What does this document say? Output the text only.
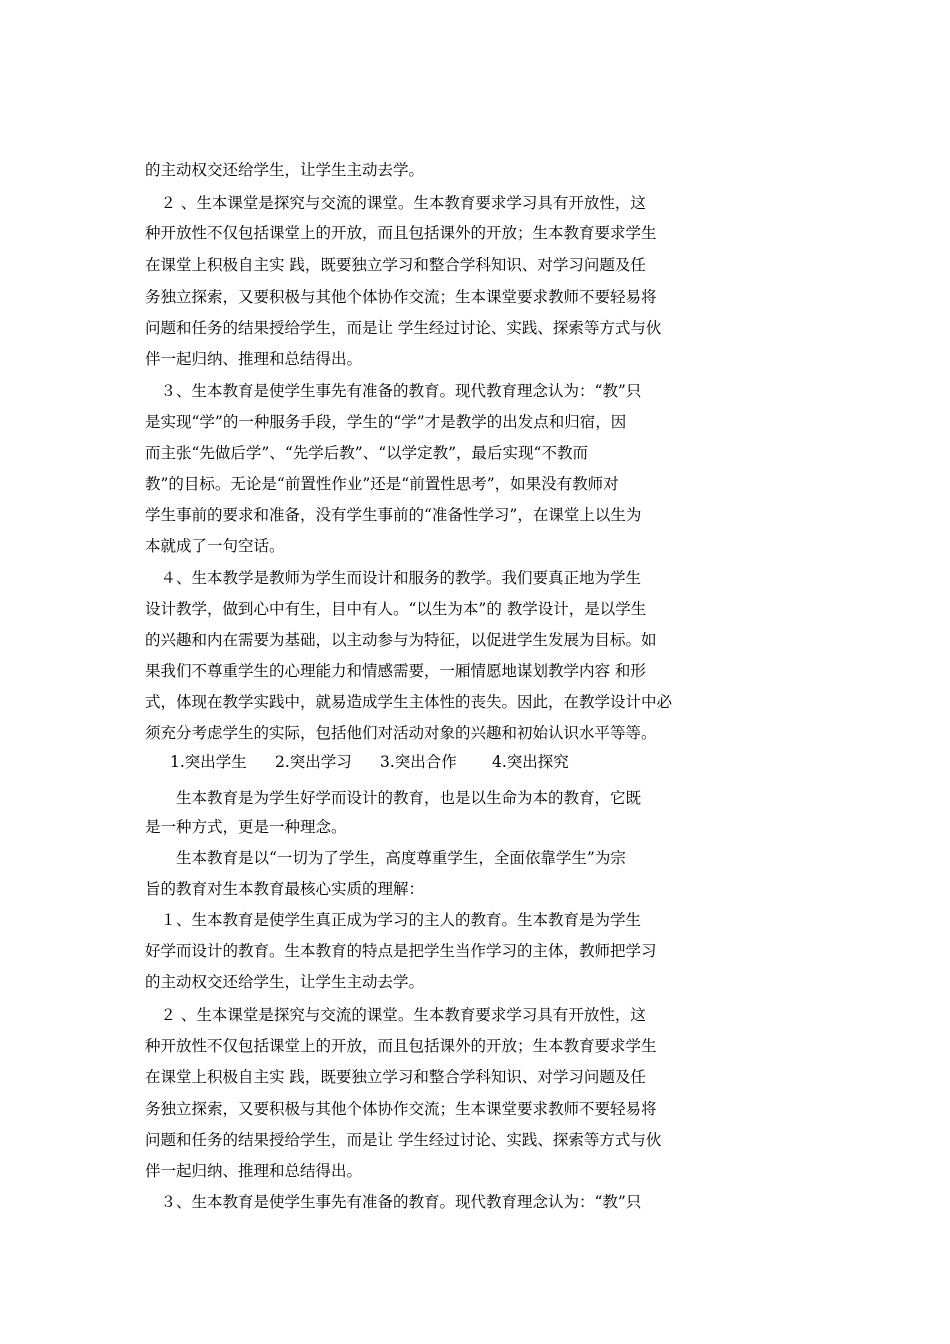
的主动权交还给学生，让学生主动去学。
　２ 、生本课堂是探究与交流的课堂。生本教育要求学习具有开放性，这
种开放性不仅包括课堂上的开放，而且包括课外的开放；生本教育要求学生
在课堂上积极自主实 践，既要独立学习和整合学科知识、对学习问题及任
务独立探索，又要积极与其他个体协作交流；生本课堂要求教师不要轻易将
问题和任务的结果授给学生，而是让 学生经过讨论、实践、探索等方式与伙
伴一起归纳、推理和总结得出。
　３、生本教育是使学生事先有准备的教育。现代教育理念认为：“教”只
是实现“学”的一种服务手段，学生的“学”才是教学的出发点和归宿，因
而主张“先做后学”、“先学后教”、“以学定教”，最后实现“不教而
教”的目标。无论是“前置性作业”还是“前置性思考”，如果没有教师对
学生事前的要求和准备，没有学生事前的“准备性学习”，在课堂上以生为
本就成了一句空话。
　４、生本教学是教师为学生而设计和服务的教学。我们要真正地为学生
设计教学，做到心中有生，目中有人。“以生为本”的 教学设计，是以学生
的兴趣和内在需要为基础，以主动参与为特征，以促进学生发展为目标。如
果我们不尊重学生的心理能力和情感需要，一厢情愿地谋划教学内容 和形
式，体现在教学实践中，就易造成学生主体性的丧失。因此，在教学设计中必
须充分考虑学生的实际，包括他们对活动对象的兴趣和初始认识水平等等。
1.突出学生 2.突出学习 3.突出合作 4.突出探究
　　生本教育是为学生好学而设计的教育，也是以生命为本的教育，它既
是一种方式，更是一种理念。
　　生本教育是以“一切为了学生，高度尊重学生，全面依靠学生”为宗
旨的教育对生本教育最核心实质的理解：
　１、生本教育是使学生真正成为学习的主人的教育。生本教育是为学生
好学而设计的教育。生本教育的特点是把学生当作学习的主体，教师把学习
的主动权交还给学生，让学生主动去学。
　２ 、生本课堂是探究与交流的课堂。生本教育要求学习具有开放性，这
种开放性不仅包括课堂上的开放，而且包括课外的开放；生本教育要求学生
在课堂上积极自主实 践，既要独立学习和整合学科知识、对学习问题及任
务独立探索，又要积极与其他个体协作交流；生本课堂要求教师不要轻易将
问题和任务的结果授给学生，而是让 学生经过讨论、实践、探索等方式与伙
伴一起归纳、推理和总结得出。
　３、生本教育是使学生事先有准备的教育。现代教育理念认为：“教”只
